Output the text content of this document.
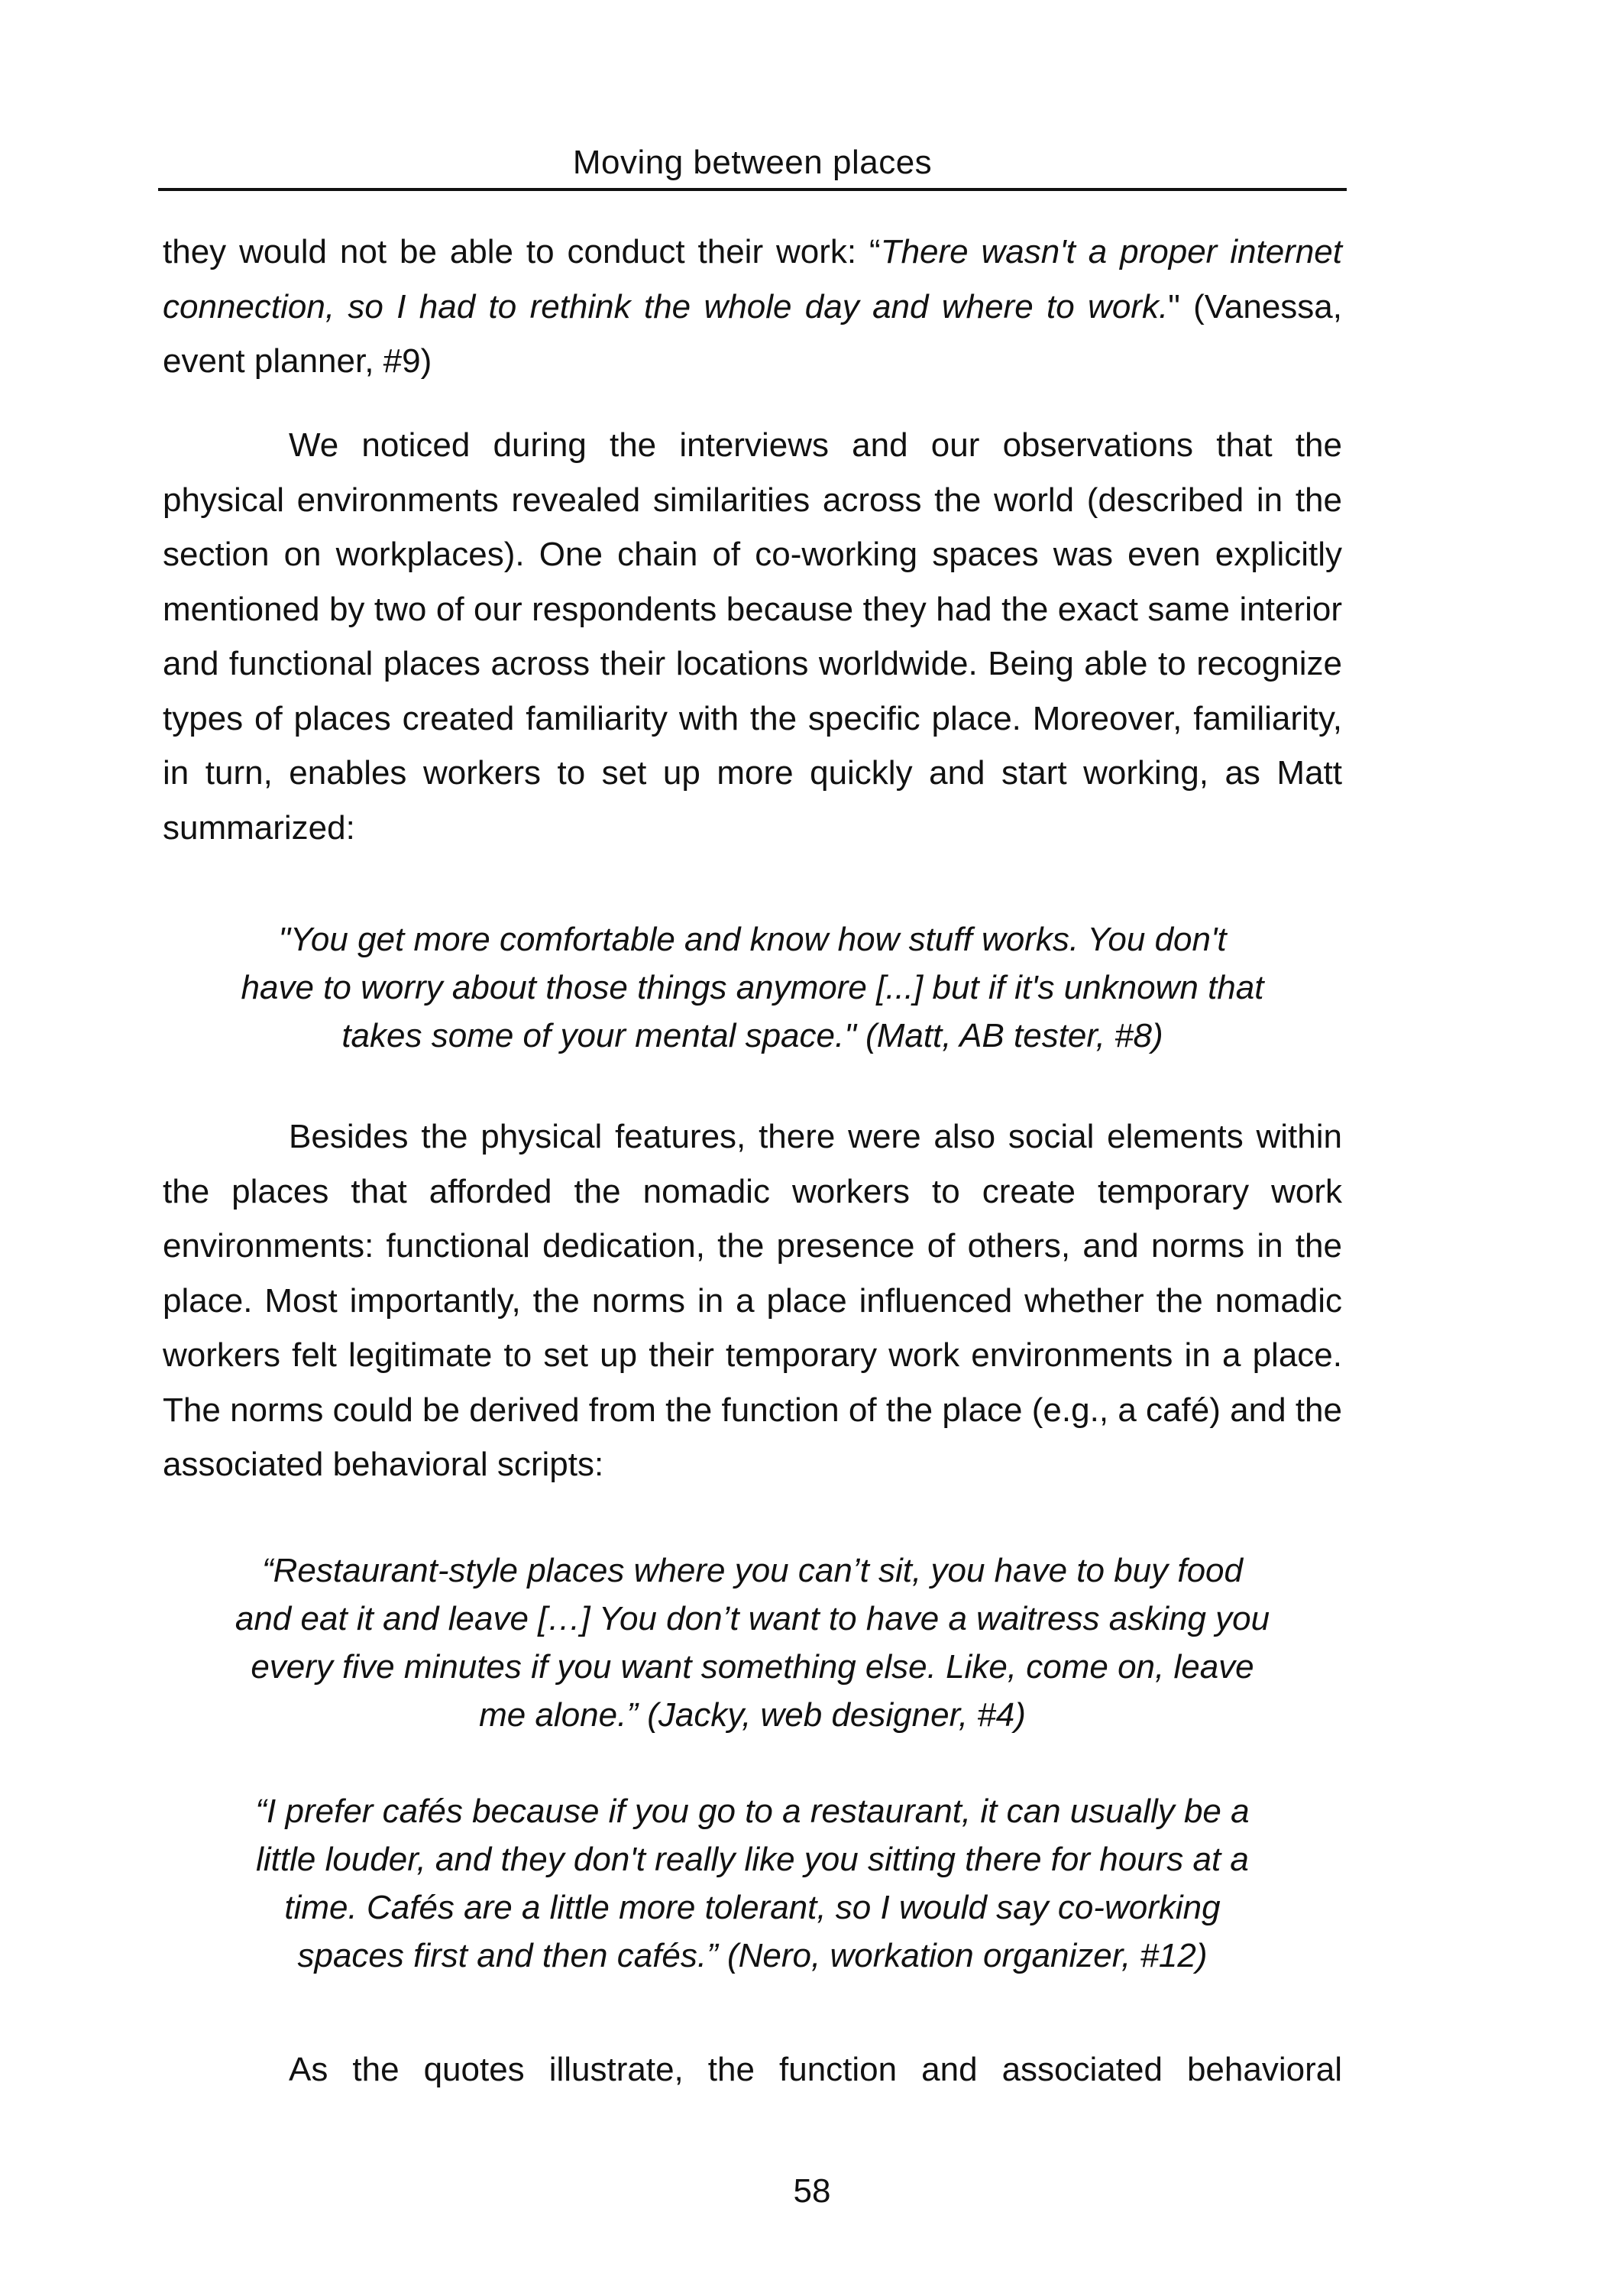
Moving between places

they would not be able to conduct their work: “There wasn't a proper internet connection, so I had to rethink the whole day and where to work." (Vanessa, event planner, #9)

We noticed during the interviews and our observations that the physical environments revealed similarities across the world (described in the section on workplaces). One chain of co-working spaces was even explicitly mentioned by two of our respondents because they had the exact same interior and functional places across their locations worldwide. Being able to recognize types of places created familiarity with the specific place. Moreover, familiarity, in turn, enables workers to set up more quickly and start working, as Matt summarized:

"You get more comfortable and know how stuff works. You don't
have to worry about those things anymore [...] but if it's unknown that
takes some of your mental space." (Matt, AB tester, #8)

Besides the physical features, there were also social elements within the places that afforded the nomadic workers to create temporary work environments: functional dedication, the presence of others, and norms in the place. Most importantly, the norms in a place influenced whether the nomadic workers felt legitimate to set up their temporary work environments in a place. The norms could be derived from the function of the place (e.g., a café) and the associated behavioral scripts:

“Restaurant-style places where you can’t sit, you have to buy food
and eat it and leave […] You don’t want to have a waitress asking you
every five minutes if you want something else. Like, come on, leave
me alone.” (Jacky, web designer, #4)
“I prefer cafés because if you go to a restaurant, it can usually be a
little louder, and they don't really like you sitting there for hours at a
time. Cafés are a little more tolerant, so I would say co-working
spaces first and then cafés.” (Nero, workation organizer, #12)

As the quotes illustrate, the function and associated behavioral

58
